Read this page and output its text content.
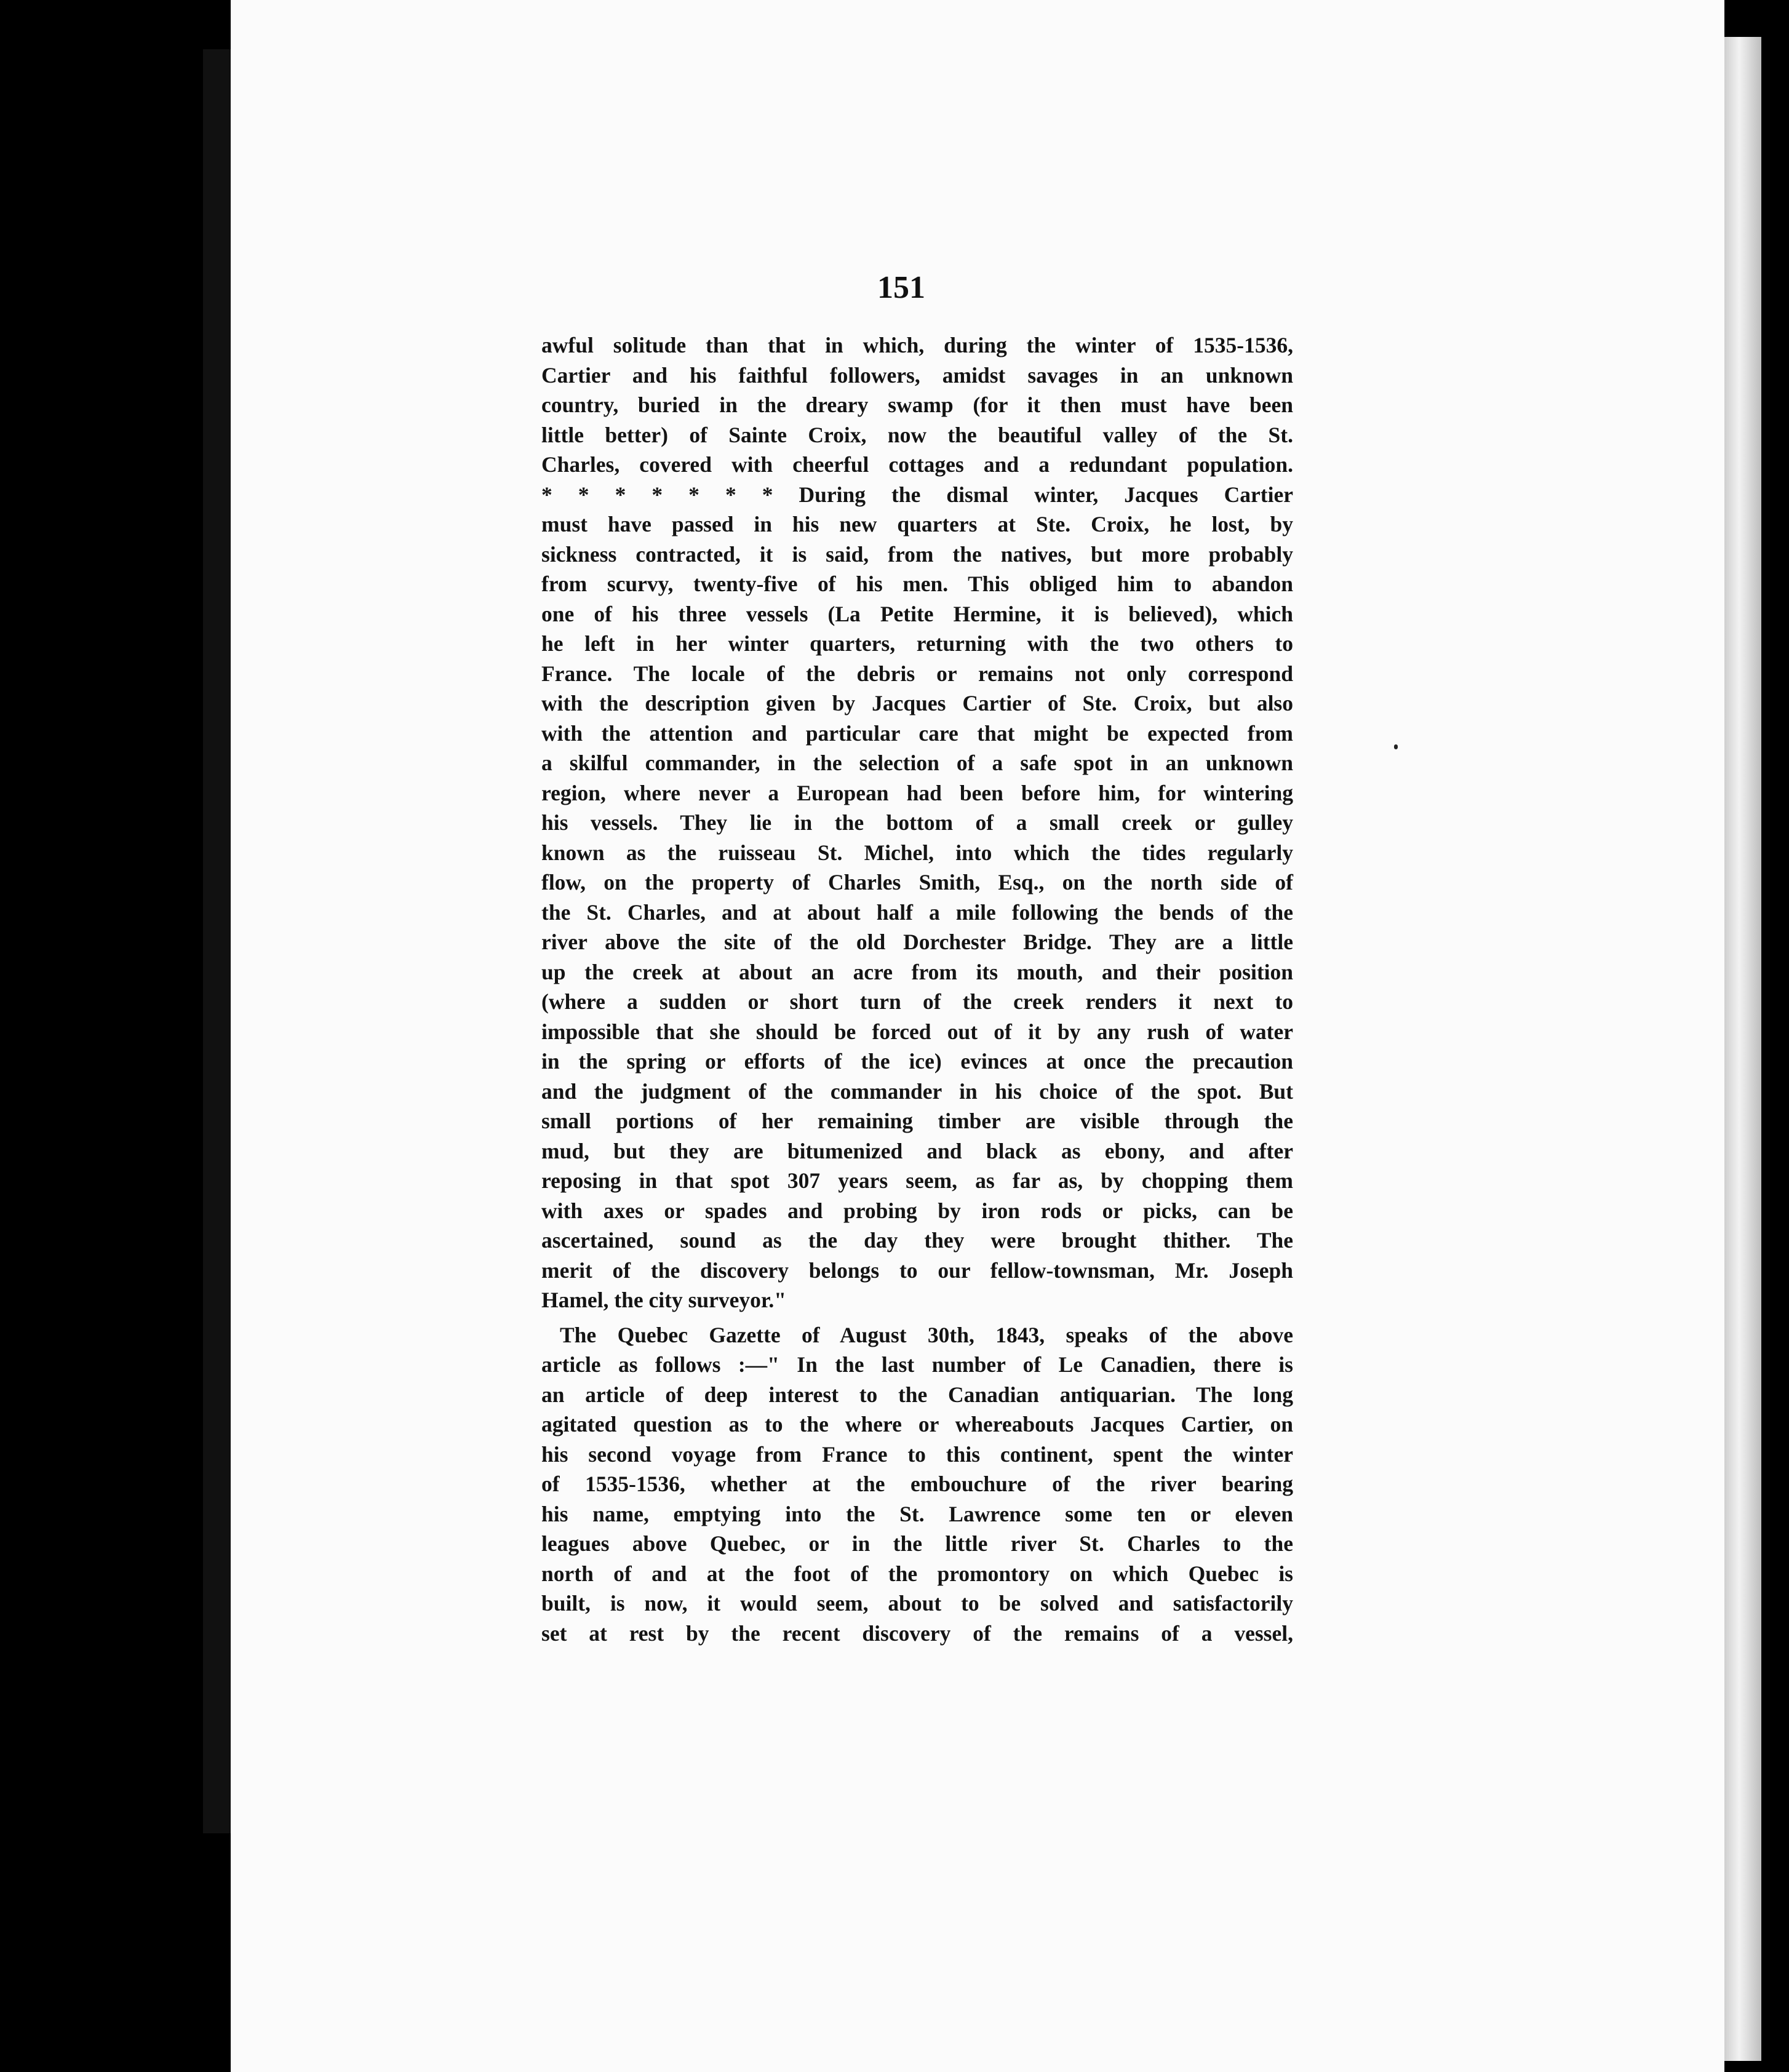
151
awful solitude than that in which, during the winter of 1535-1536,
Cartier and his faithful followers, amidst savages in an unknown
country, buried in the dreary swamp (for it then must have been
little better) of Sainte Croix, now the beautiful valley of the St.
Charles, covered with cheerful cottages and a redundant population.
* * * * * * * During the dismal winter, Jacques Cartier
must have passed in his new quarters at Ste. Croix, he lost, by
sickness contracted, it is said, from the natives, but more probably
from scurvy, twenty-five of his men. This obliged him to abandon
one of his three vessels (La Petite Hermine, it is believed), which
he left in her winter quarters, returning with the two others to
France. The locale of the debris or remains not only correspond
with the description given by Jacques Cartier of Ste. Croix, but also
with the attention and particular care that might be expected from
a skilful commander, in the selection of a safe spot in an unknown
region, where never a European had been before him, for wintering
his vessels. They lie in the bottom of a small creek or gulley
known as the ruisseau St. Michel, into which the tides regularly
flow, on the property of Charles Smith, Esq., on the north side of
the St. Charles, and at about half a mile following the bends of the
river above the site of the old Dorchester Bridge. They are a little
up the creek at about an acre from its mouth, and their position
(where a sudden or short turn of the creek renders it next to
impossible that she should be forced out of it by any rush of water
in the spring or efforts of the ice) evinces at once the precaution
and the judgment of the commander in his choice of the spot. But
small portions of her remaining timber are visible through the
mud, but they are bitumenized and black as ebony, and after
reposing in that spot 307 years seem, as far as, by chopping them
with axes or spades and probing by iron rods or picks, can be
ascertained, sound as the day they were brought thither. The
merit of the discovery belongs to our fellow-townsman, Mr. Joseph
Hamel, the city surveyor."
The Quebec Gazette of August 30th, 1843, speaks of the above
article as follows :—" In the last number of Le Canadien, there is
an article of deep interest to the Canadian antiquarian. The long
agitated question as to the where or whereabouts Jacques Cartier, on
his second voyage from France to this continent, spent the winter
of 1535-1536, whether at the embouchure of the river bearing
his name, emptying into the St. Lawrence some ten or eleven
leagues above Quebec, or in the little river St. Charles to the
north of and at the foot of the promontory on which Quebec is
built, is now, it would seem, about to be solved and satisfactorily
set at rest by the recent discovery of the remains of a vessel,
